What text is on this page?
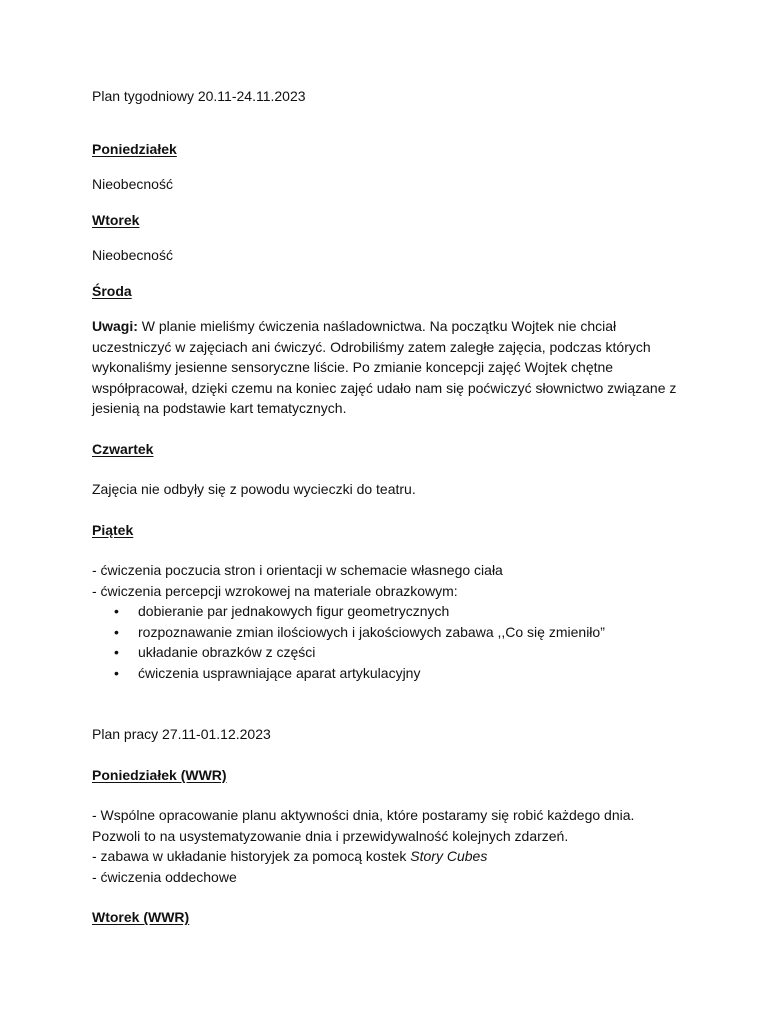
Plan tygodniowy 20.11-24.11.2023

Poniedziałek

Nieobecność

Wtorek

Nieobecność

Środa

Uwagi: W planie mieliśmy ćwiczenia naśladownictwa. Na początku Wojtek nie chciał

uczestniczyć w zajęciach ani ćwiczyć. Odrobiliśmy zatem zaległe zajęcia, podczas których

wykonaliśmy jesienne sensoryczne liście. Po zmianie koncepcji zajęć Wojtek chętne

współpracował, dzięki czemu na koniec zajęć udało nam się poćwiczyć słownictwo związane z

jesienią na podstawie kart tematycznych.

Czwartek

Zajęcia nie odbyły się z powodu wycieczki do teatru.

Piątek

- ćwiczenia poczucia stron i orientacji w schemacie własnego ciała

- ćwiczenia percepcji wzrokowej na materiale obrazkowym:

• dobieranie par jednakowych figur geometrycznych
• rozpoznawanie zmian ilościowych i jakościowych zabawa ,,Co się zmieniło”
• układanie obrazków z części
• ćwiczenia usprawniające aparat artykulacyjny

Plan pracy 27.11-01.12.2023

Poniedziałek (WWR)

- Wspólne opracowanie planu aktywności dnia, które postaramy się robić każdego dnia.

Pozwoli to na usystematyzowanie dnia i przewidywalność kolejnych zdarzeń.

- zabawa w układanie historyjek za pomocą kostek Story Cubes

- ćwiczenia oddechowe

Wtorek (WWR)
